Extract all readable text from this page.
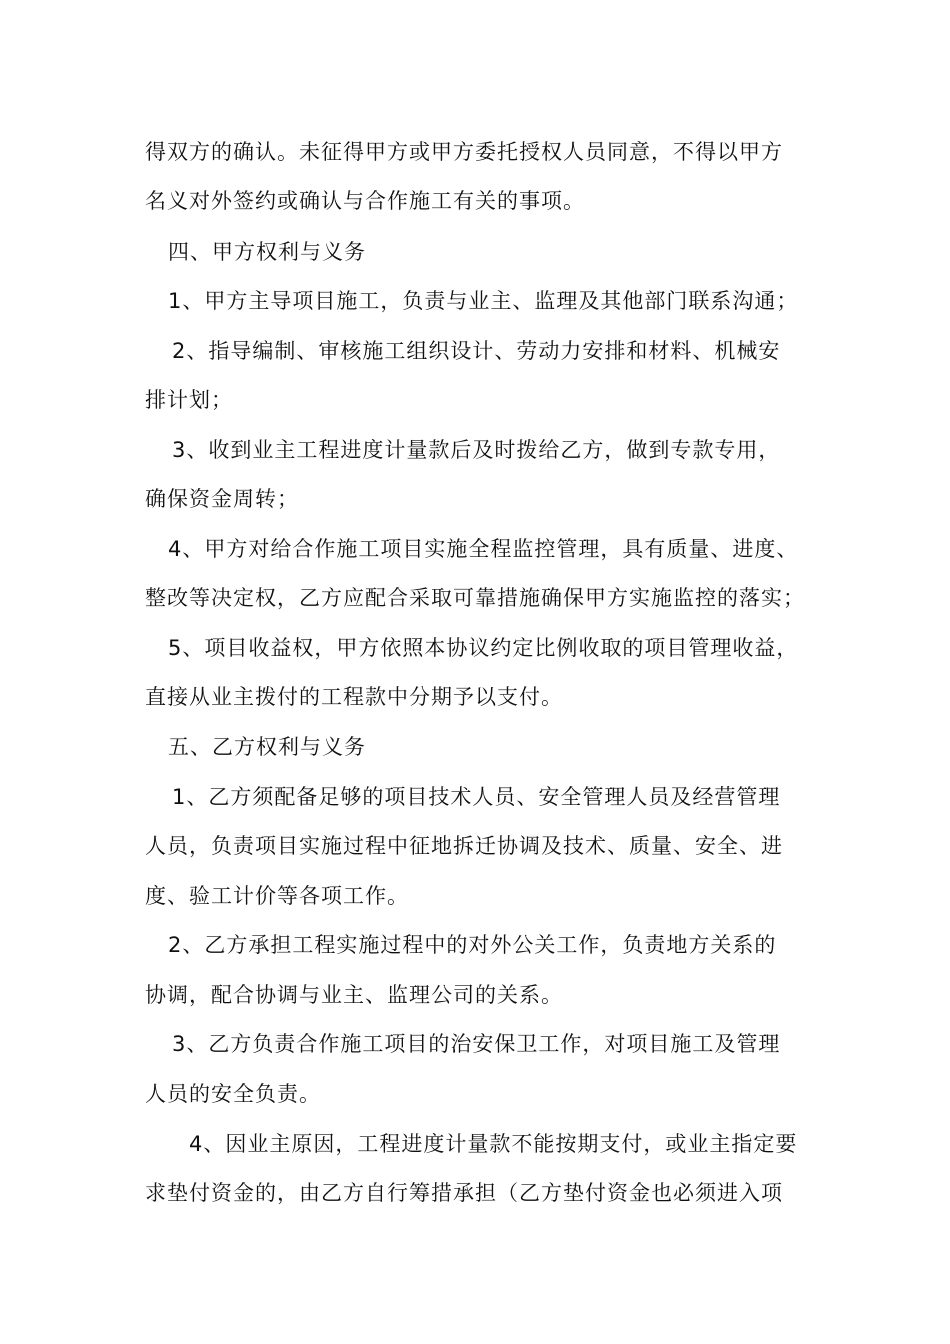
得双方的确认。未征得甲方或甲方委托授权人员同意，不得以甲方
名义对外签约或确认与合作施工有关的事项。
四、甲方权利与义务
1、甲方主导项目施工，负责与业主、监理及其他部门联系沟通；
2、指导编制、审核施工组织设计、劳动力安排和材料、机械安
排计划；
3、收到业主工程进度计量款后及时拨给乙方，做到专款专用，
确保资金周转；
4、甲方对给合作施工项目实施全程监控管理，具有质量、进度、
整改等决定权，乙方应配合采取可靠措施确保甲方实施监控的落实；
5、项目收益权，甲方依照本协议约定比例收取的项目管理收益，
直接从业主拨付的工程款中分期予以支付。
五、乙方权利与义务
1、乙方须配备足够的项目技术人员、安全管理人员及经营管理
人员，负责项目实施过程中征地拆迁协调及技术、质量、安全、进
度、验工计价等各项工作。
2、乙方承担工程实施过程中的对外公关工作，负责地方关系的
协调，配合协调与业主、监理公司的关系。
3、乙方负责合作施工项目的治安保卫工作，对项目施工及管理
人员的安全负责。
4、因业主原因，工程进度计量款不能按期支付，或业主指定要
求垫付资金的，由乙方自行筹措承担（乙方垫付资金也必须进入项
